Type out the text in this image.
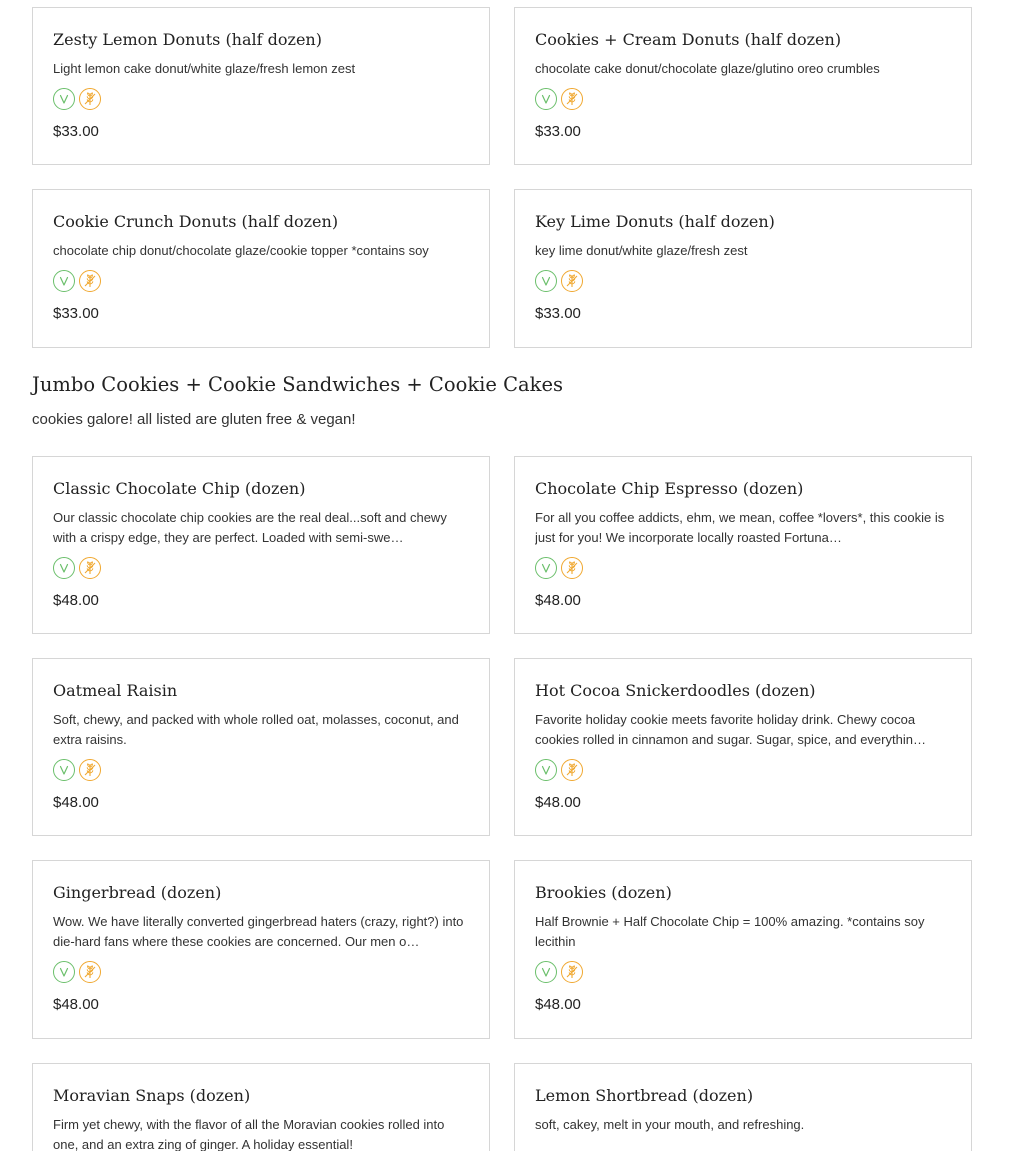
Zesty Lemon Donuts (half dozen)
Light lemon cake donut/white glaze/fresh lemon zest
$33.00
Cookies + Cream Donuts (half dozen)
chocolate cake donut/chocolate glaze/glutino oreo crumbles
$33.00
Cookie Crunch Donuts (half dozen)
chocolate chip donut/chocolate glaze/cookie topper *contains soy
$33.00
Key Lime Donuts (half dozen)
key lime donut/white glaze/fresh zest
$33.00
Jumbo Cookies + Cookie Sandwiches + Cookie Cakes
cookies galore! all listed are gluten free & vegan!
Classic Chocolate Chip (dozen)
Our classic chocolate chip cookies are the real deal...soft and chewy with a crispy edge, they are perfect. Loaded with semi-swe…
$48.00
Chocolate Chip Espresso (dozen)
For all you coffee addicts, ehm, we mean, coffee *lovers*, this cookie is just for you! We incorporate locally roasted Fortuna…
$48.00
Oatmeal Raisin
Soft, chewy, and packed with whole rolled oat, molasses, coconut, and extra raisins.
$48.00
Hot Cocoa Snickerdoodles (dozen)
Favorite holiday cookie meets favorite holiday drink. Chewy cocoa cookies rolled in cinnamon and sugar. Sugar, spice, and everythin…
$48.00
Gingerbread (dozen)
Wow. We have literally converted gingerbread haters (crazy, right?) into die-hard fans where these cookies are concerned. Our men o…
$48.00
Brookies (dozen)
Half Brownie + Half Chocolate Chip = 100% amazing. *contains soy lecithin
$48.00
Moravian Snaps (dozen)
Firm yet chewy, with the flavor of all the Moravian cookies rolled into one, and an extra zing of ginger. A holiday essential!
Lemon Shortbread (dozen)
soft, cakey, melt in your mouth, and refreshing.
